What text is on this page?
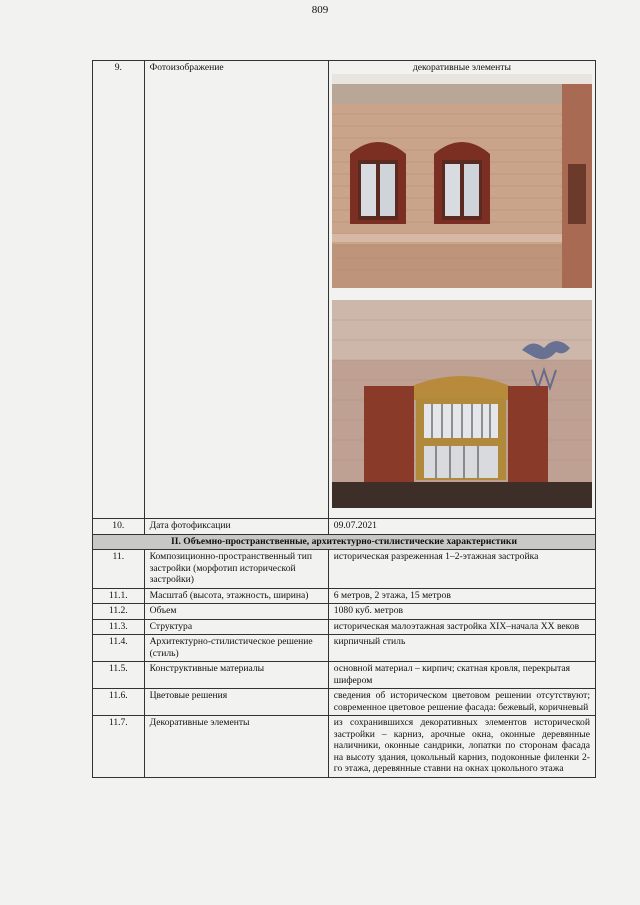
809
9.	Фотоизображение	декоративные элементы

10.	Дата фотофиксации	09.07.2021
II. Объемно-пространственные, архитектурно-стилистические характеристики		
11.	Композиционно-пространственный тип застройки (морфотип исторической застройки)	историческая разреженная 1–2-этажная застройка
11.1.	Масштаб (высота, этажность, ширина)	6 метров, 2 этажа, 15 метров
11.2.	Объем	1080 куб. метров
11.3.	Структура	историческая малоэтажная застройка XIX–начала XX веков
11.4.	Архитектурно-стилистическое решение (стиль)	кирпичный стиль
11.5.	Конструктивные материалы	основной материал – кирпич; скатная кровля, перекрытая шифером
11.6.	Цветовые решения	сведения об историческом цветовом решении отсутствуют; современное цветовое решение фасада: бежевый, коричневый
11.7.	Декоративные элементы	из сохранившихся декоративных элементов исторической застройки – карниз, арочные окна, оконные деревянные наличники, оконные сандрики, лопатки по сторонам фасада на высоту здания, цокольный карниз, подоконные филенки 2-го этажа, деревянные ставни на окнах цокольного этажа
